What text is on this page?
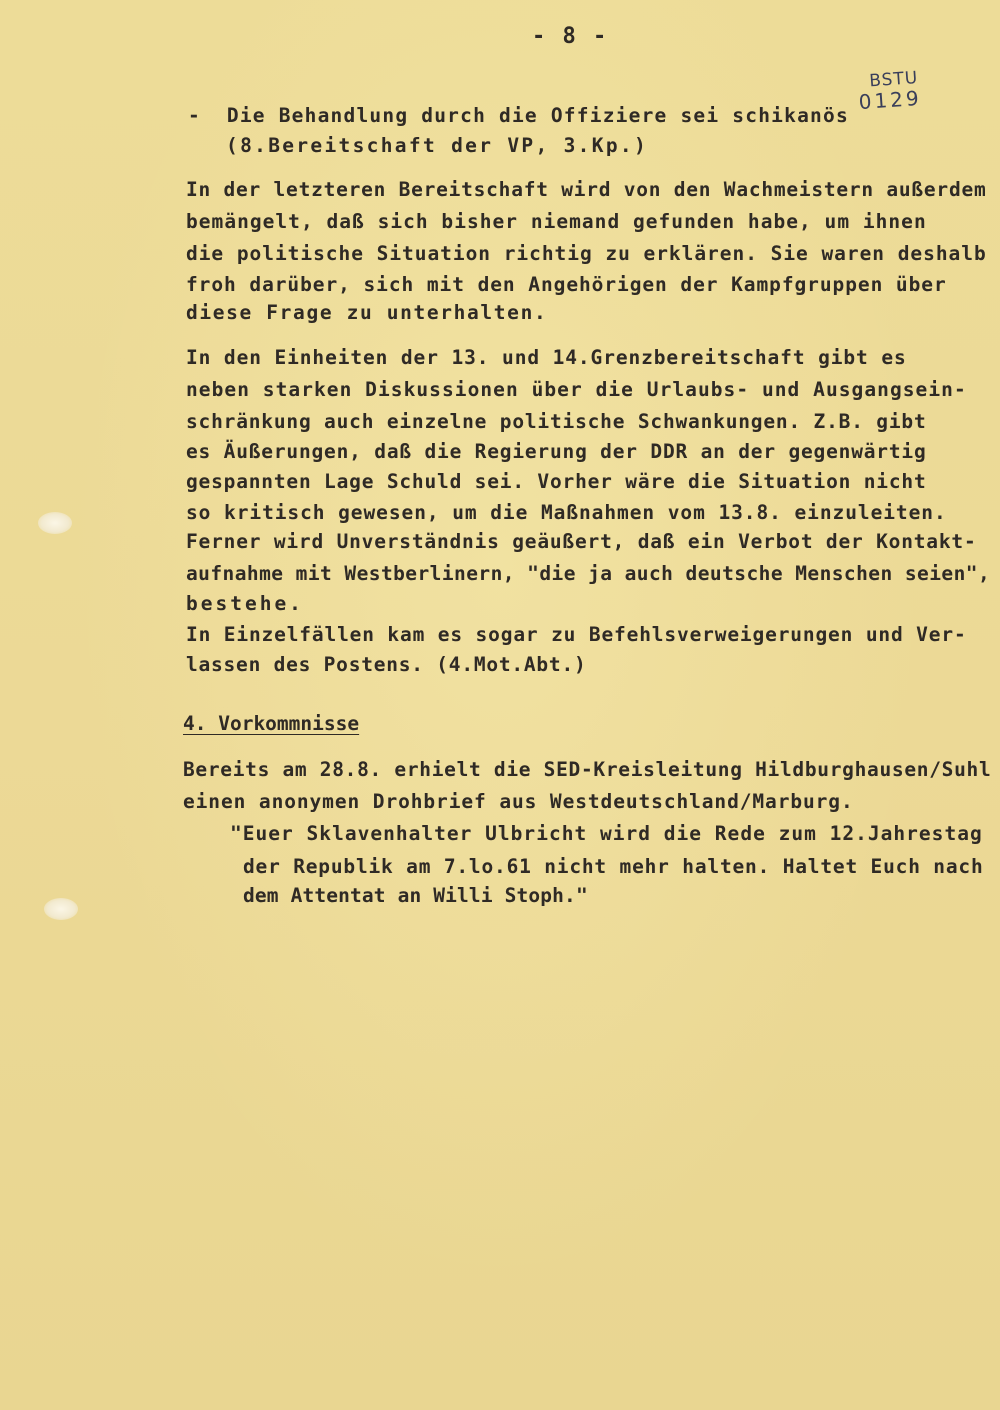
- 8 -
BSTU
0129
-  Die Behandlung durch die Offiziere sei schikanös
(8.Bereitschaft der VP, 3.Kp.)
In der letzteren Bereitschaft wird von den Wachmeistern außerdem
bemängelt, daß sich bisher niemand gefunden habe, um ihnen
die politische Situation richtig zu erklären. Sie waren deshalb
froh darüber, sich mit den Angehörigen der Kampfgruppen über
diese Frage zu unterhalten.
In den Einheiten der 13. und 14.Grenzbereitschaft gibt es
neben starken Diskussionen über die Urlaubs- und Ausgangsein-
schränkung auch einzelne politische Schwankungen. Z.B. gibt
es Äußerungen, daß die Regierung der DDR an der gegenwärtig
gespannten Lage Schuld sei. Vorher wäre die Situation nicht
so kritisch gewesen, um die Maßnahmen vom 13.8. einzuleiten.
Ferner wird Unverständnis geäußert, daß ein Verbot der Kontakt-
aufnahme mit Westberlinern, "die ja auch deutsche Menschen seien",
bestehe.
In Einzelfällen kam es sogar zu Befehlsverweigerungen und Ver-
lassen des Postens. (4.Mot.Abt.)
4. Vorkommnisse
Bereits am 28.8. erhielt die SED-Kreisleitung Hildburghausen/Suhl
einen anonymen Drohbrief aus Westdeutschland/Marburg.
"Euer Sklavenhalter Ulbricht wird die Rede zum 12.Jahrestag
der Republik am 7.lo.61 nicht mehr halten. Haltet Euch nach
dem Attentat an Willi Stoph."
